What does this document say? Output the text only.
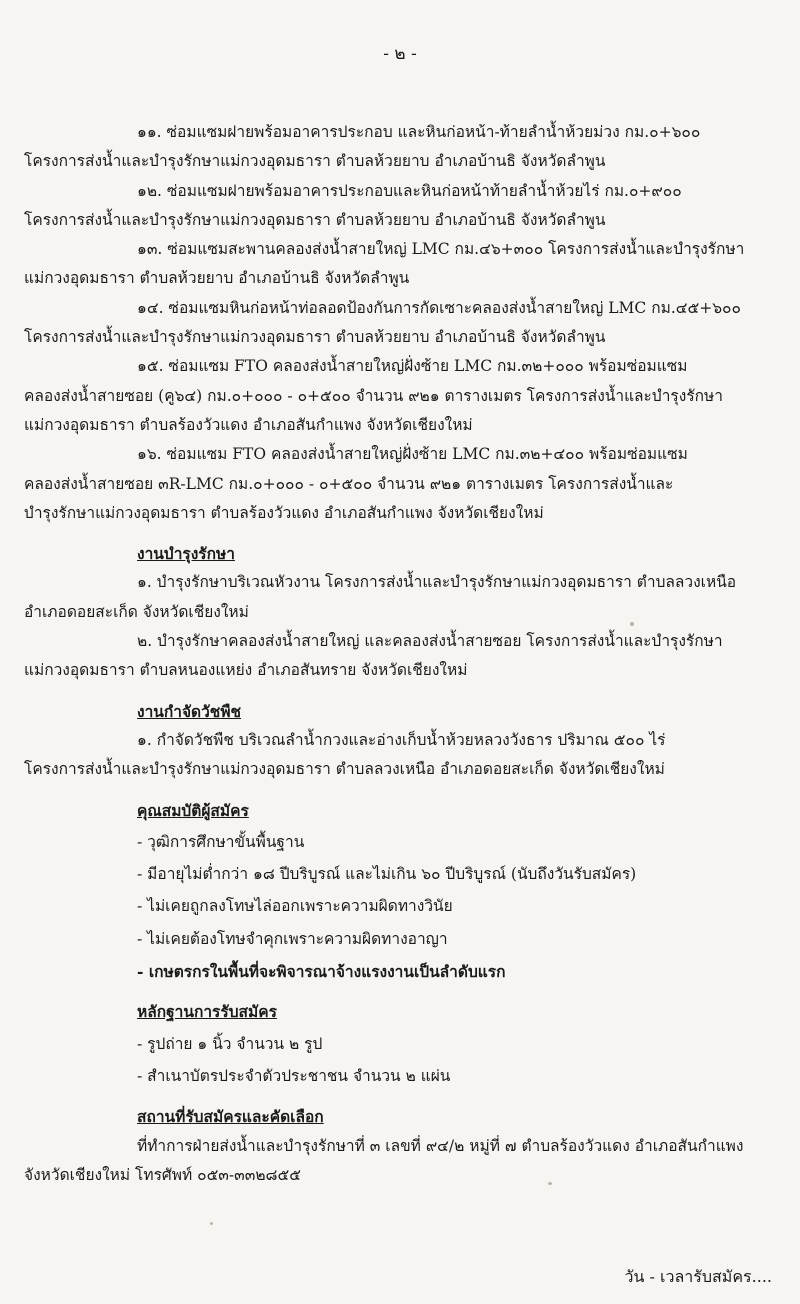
- ๒ -
๑๑. ซ่อมแซมฝายพร้อมอาคารประกอบ และหินก่อหน้า-ท้ายลำน้ำห้วยม่วง กม.๐+๖๐๐
โครงการส่งน้ำและบำรุงรักษาแม่กวงอุดมธารา ตำบลห้วยยาบ อำเภอบ้านธิ จังหวัดลำพูน
๑๒. ซ่อมแซมฝายพร้อมอาคารประกอบและหินก่อหน้าท้ายลำน้ำห้วยไร่ กม.๐+๙๐๐
โครงการส่งน้ำและบำรุงรักษาแม่กวงอุดมธารา ตำบลห้วยยาบ อำเภอบ้านธิ จังหวัดลำพูน
๑๓. ซ่อมแซมสะพานคลองส่งน้ำสายใหญ่ LMC กม.๔๖+๓๐๐ โครงการส่งน้ำและบำรุงรักษา
แม่กวงอุดมธารา ตำบลห้วยยาบ อำเภอบ้านธิ จังหวัดลำพูน
๑๔. ซ่อมแซมหินก่อหน้าท่อลอดป้องกันการกัดเซาะคลองส่งน้ำสายใหญ่ LMC กม.๔๕+๖๐๐
โครงการส่งน้ำและบำรุงรักษาแม่กวงอุดมธารา ตำบลห้วยยาบ อำเภอบ้านธิ จังหวัดลำพูน
๑๕. ซ่อมแซม FTO คลองส่งน้ำสายใหญ่ฝั่งซ้าย LMC กม.๓๒+๐๐๐ พร้อมซ่อมแซม
คลองส่งน้ำสายซอย (คู๖๔) กม.๐+๐๐๐ - ๐+๕๐๐ จำนวน ๙๒๑ ตารางเมตร โครงการส่งน้ำและบำรุงรักษา
แม่กวงอุดมธารา ตำบลร้องวัวแดง อำเภอสันกำแพง จังหวัดเชียงใหม่
๑๖. ซ่อมแซม FTO คลองส่งน้ำสายใหญ่ฝั่งซ้าย LMC กม.๓๒+๔๐๐ พร้อมซ่อมแซม
คลองส่งน้ำสายซอย ๓R-LMC กม.๐+๐๐๐ - ๐+๕๐๐ จำนวน ๙๒๑ ตารางเมตร โครงการส่งน้ำและ
บำรุงรักษาแม่กวงอุดมธารา ตำบลร้องวัวแดง อำเภอสันกำแพง จังหวัดเชียงใหม่
งานบำรุงรักษา
๑. บำรุงรักษาบริเวณหัวงาน โครงการส่งน้ำและบำรุงรักษาแม่กวงอุดมธารา ตำบลลวงเหนือ
อำเภอดอยสะเก็ด จังหวัดเชียงใหม่
๒. บำรุงรักษาคลองส่งน้ำสายใหญ่ และคลองส่งน้ำสายซอย โครงการส่งน้ำและบำรุงรักษา
แม่กวงอุดมธารา ตำบลหนองแหย่ง อำเภอสันทราย จังหวัดเชียงใหม่
งานกำจัดวัชพืช
๑. กำจัดวัชพืช บริเวณลำน้ำกวงและอ่างเก็บน้ำห้วยหลวงวังธาร ปริมาณ ๕๐๐ ไร่
โครงการส่งน้ำและบำรุงรักษาแม่กวงอุดมธารา ตำบลลวงเหนือ อำเภอดอยสะเก็ด จังหวัดเชียงใหม่
คุณสมบัติผู้สมัคร
- วุฒิการศึกษาขั้นพื้นฐาน
- มีอายุไม่ต่ำกว่า ๑๘ ปีบริบูรณ์ และไม่เกิน ๖๐ ปีบริบูรณ์ (นับถึงวันรับสมัคร)
- ไม่เคยถูกลงโทษไล่ออกเพราะความผิดทางวินัย
- ไม่เคยต้องโทษจำคุกเพราะความผิดทางอาญา
- เกษตรกรในพื้นที่จะพิจารณาจ้างแรงงานเป็นลำดับแรก
หลักฐานการรับสมัคร
- รูปถ่าย ๑ นิ้ว จำนวน ๒ รูป
- สำเนาบัตรประจำตัวประชาชน จำนวน ๒ แผ่น
สถานที่รับสมัครและคัดเลือก
ที่ทำการฝ่ายส่งน้ำและบำรุงรักษาที่ ๓ เลขที่ ๙๔/๒ หมู่ที่ ๗ ตำบลร้องวัวแดง อำเภอสันกำแพง
จังหวัดเชียงใหม่ โทรศัพท์ ๐๕๓-๓๓๒๘๕๕
วัน - เวลารับสมัคร....
